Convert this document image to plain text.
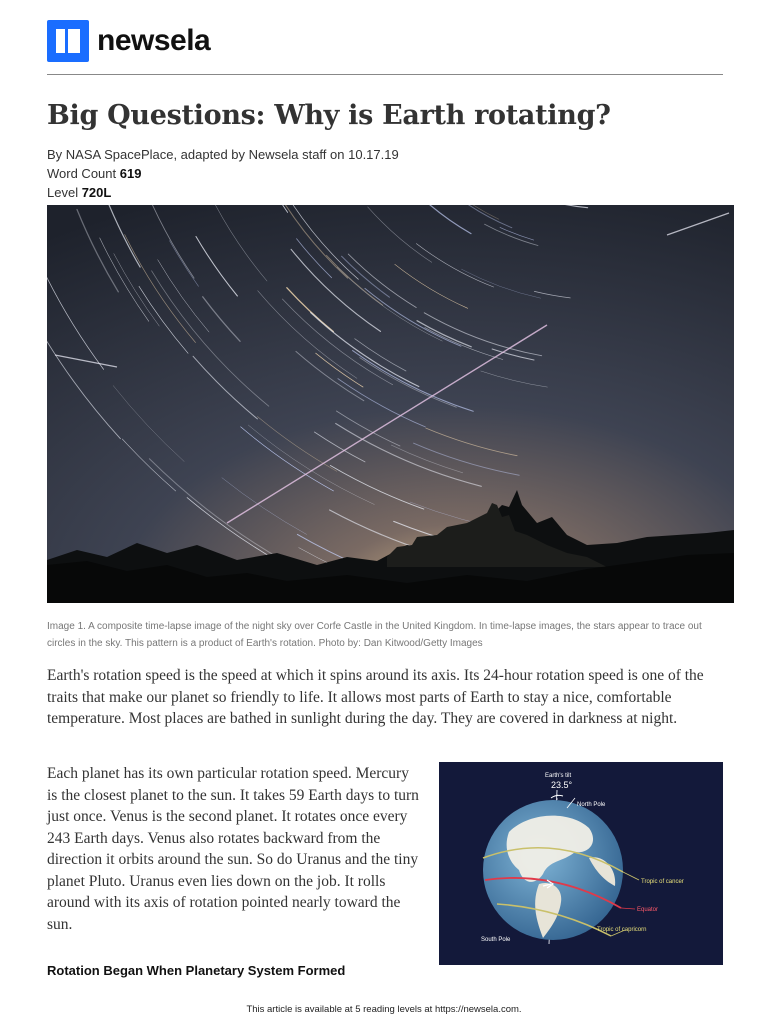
newsela
Big Questions: Why is Earth rotating?
By NASA SpacePlace, adapted by Newsela staff on 10.17.19
Word Count 619
Level 720L
Image 1. A composite time-lapse image of the night sky over Corfe Castle in the United Kingdom. In time-lapse images, the stars appear to trace out circles in the sky. This pattern is a product of Earth's rotation. Photo by: Dan Kitwood/Getty Images

Earth's rotation speed is the speed at which it spins around its axis. Its 24-hour rotation speed is one of the traits that make our planet so friendly to life. It allows most parts of Earth to stay a nice, comfortable temperature. Most places are bathed in sunlight during the day. They are covered in darkness at night.

Each planet has its own particular rotation speed. Mercury is the closest planet to the sun. It takes 59 Earth days to turn just once. Venus is the second planet. It rotates once every 243 Earth days. Venus also rotates backward from the direction it orbits around the sun. So do Uranus and the tiny planet Pluto. Uranus even lies down on the job. It rolls around with its axis of rotation pointed nearly toward the sun.

Earth's tilt
23.5°
North Pole
Tropic of cancer
Equator
Tropic of capricorn
South Pole
Rotation Began When Planetary System Formed
This article is available at 5 reading levels at https://newsela.com.
